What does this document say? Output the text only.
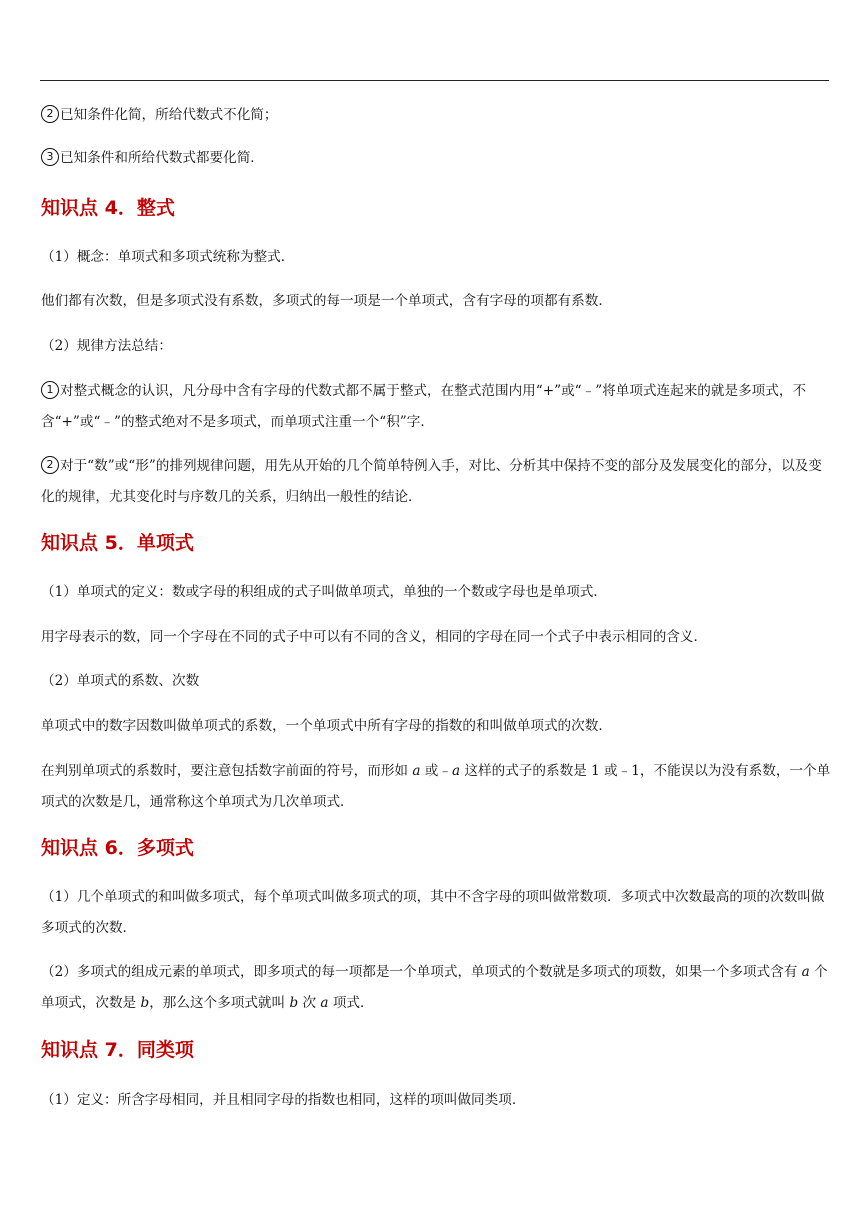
2 已知条件化简，所给代数式不化简；

3 已知条件和所给代数式都要化简．

知识点 4．整式

（1）概念：单项式和多项式统称为整式．

他们都有次数，但是多项式没有系数，多项式的每一项是一个单项式，含有字母的项都有系数．

（2）规律方法总结：

1 对整式概念的认识，凡分母中含有字母的代数式都不属于整式，在整式范围内用“+”或“﹣”将单项式连起来的就是多项式，不含“+”或“﹣”的整式绝对不是多项式，而单项式注重一个“积”字．

2 对于“数”或“形”的排列规律问题，用先从开始的几个简单特例入手，对比、分析其中保持不变的部分及发展变化的部分，以及变化的规律，尤其变化时与序数几的关系，归纳出一般性的结论．

知识点 5．单项式

（1）单项式的定义：数或字母的积组成的式子叫做单项式，单独的一个数或字母也是单项式．

用字母表示的数，同一个字母在不同的式子中可以有不同的含义，相同的字母在同一个式子中表示相同的含义．

（2）单项式的系数、次数

单项式中的数字因数叫做单项式的系数，一个单项式中所有字母的指数的和叫做单项式的次数．

在判别单项式的系数时，要注意包括数字前面的符号，而形如 a 或﹣a 这样的式子的系数是 1 或﹣1，不能误以为没有系数，一个单项式的次数是几，通常称这个单项式为几次单项式．

知识点 6．多项式

（1）几个单项式的和叫做多项式，每个单项式叫做多项式的项，其中不含字母的项叫做常数项．多项式中次数最高的项的次数叫做多项式的次数．

（2）多项式的组成元素的单项式，即多项式的每一项都是一个单项式，单项式的个数就是多项式的项数，如果一个多项式含有 a 个单项式，次数是 b，那么这个多项式就叫 b 次 a 项式．

知识点 7．同类项

（1）定义：所含字母相同，并且相同字母的指数也相同，这样的项叫做同类项．
